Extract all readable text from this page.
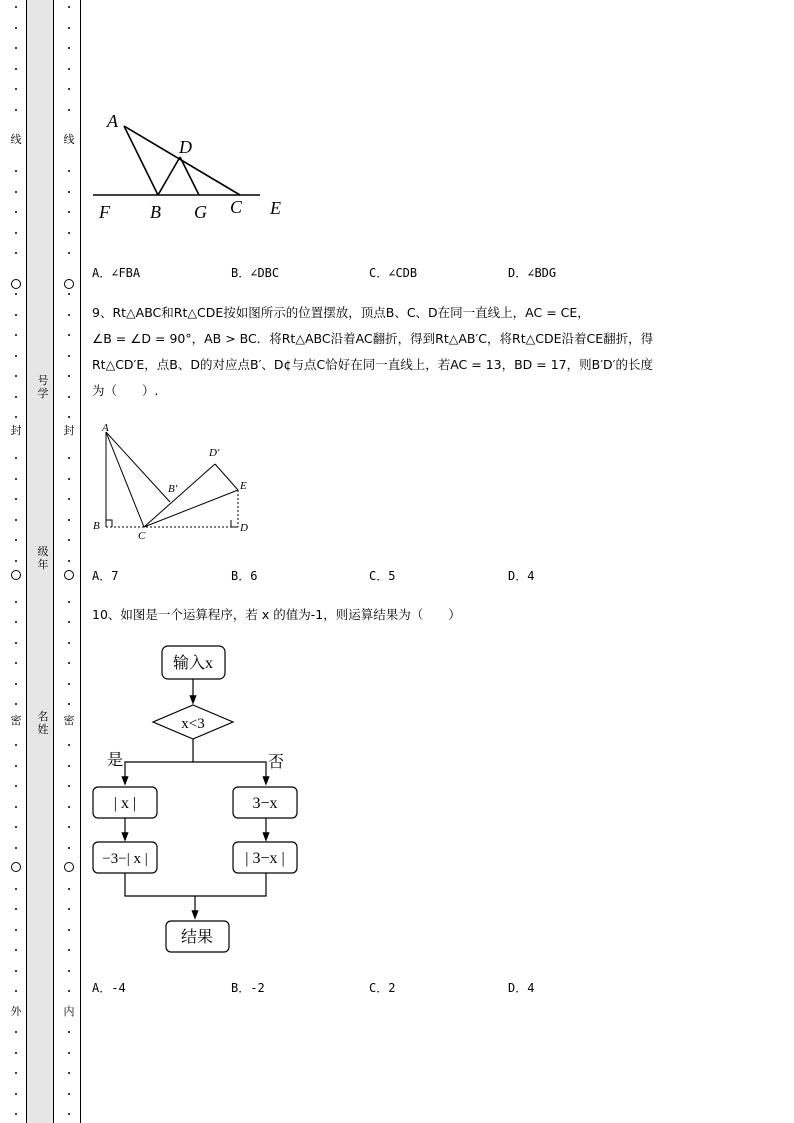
线
封
密
外
线
封
密
内
号学
级年
名姓
A
D
F B G C E
A．∠FBA	B．∠DBC	C．∠CDB	D．∠BDG
9、Rt△ABC和Rt△CDE按如图所示的位置摆放，顶点B、C、D在同一直线上，AC = CE，
∠B = ∠D = 90°，AB > BC．将Rt△ABC沿着AC翻折，得到Rt△AB′C，将Rt△CDE沿着CE翻折，得
Rt△CD′E，点B、D的对应点B′、D¢与点C恰好在同一直线上，若AC = 13，BD = 17，则B′D′的长度
为（　　）.
A
D′
B′	E
B
C
D
A．7	B．6	C．5	D．4
10、如图是一个运算程序，若 x 的值为-1，则运算结果为（　　）
输入x
x<3
是	否
| x |	3−x
−3−| x |	| 3−x |
结果
A．-4	B．-2	C．2	D．4
